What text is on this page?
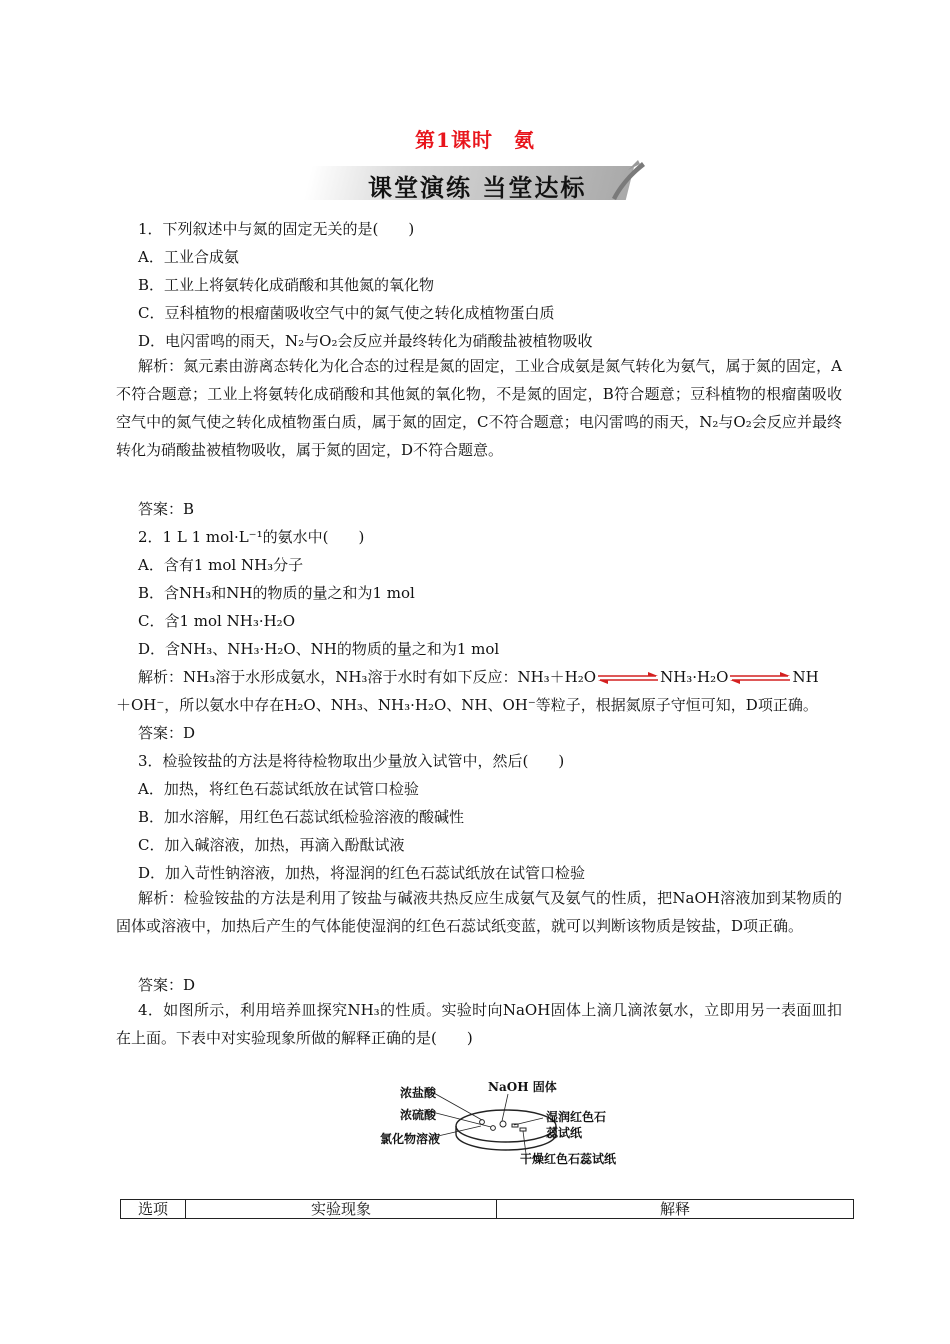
第1课时　氨
课堂演练 当堂达标
1．下列叙述中与氮的固定无关的是(　　)
A．工业合成氨
B．工业上将氨转化成硝酸和其他氮的氧化物
C．豆科植物的根瘤菌吸收空气中的氮气使之转化成植物蛋白质
D．电闪雷鸣的雨天，N₂与O₂会反应并最终转化为硝酸盐被植物吸收
解析：氮元素由游离态转化为化合态的过程是氮的固定，工业合成氨是氮气转化为氨气，属于氮的固定，A不符合题意；工业上将氨转化成硝酸和其他氮的氧化物，不是氮的固定，B符合题意；豆科植物的根瘤菌吸收空气中的氮气使之转化成植物蛋白质，属于氮的固定，C不符合题意；电闪雷鸣的雨天，N₂与O₂会反应并最终转化为硝酸盐被植物吸收，属于氮的固定，D不符合题意。
答案：B
2．1 L 1 mol·L⁻¹的氨水中(　　)
A．含有1 mol NH₃分子
B．含NH₃和NH的物质的量之和为1 mol
C．含1 mol NH₃·H₂O
D．含NH₃、NH₃·H₂O、NH的物质的量之和为1 mol
解析：NH₃溶于水形成氨水，NH₃溶于水时有如下反应：NH₃＋H₂O	NH₃·H₂O	NH
＋OH⁻，所以氨水中存在H₂O、NH₃、NH₃·H₂O、NH、OH⁻等粒子，根据氮原子守恒可知，D项正确。
答案：D
3．检验铵盐的方法是将待检物取出少量放入试管中，然后(　　)
A．加热，将红色石蕊试纸放在试管口检验
B．加水溶解，用红色石蕊试纸检验溶液的酸碱性
C．加入碱溶液，加热，再滴入酚酞试液
D．加入苛性钠溶液，加热，将湿润的红色石蕊试纸放在试管口检验
解析：检验铵盐的方法是利用了铵盐与碱液共热反应生成氨气及氨气的性质，把NaOH溶液加到某物质的固体或溶液中，加热后产生的气体能使湿润的红色石蕊试纸变蓝，就可以判断该物质是铵盐，D项正确。
答案：D
4．如图所示，利用培养皿探究NH₃的性质。实验时向NaOH固体上滴几滴浓氨水，立即用另一表面皿扣在上面。下表中对实验现象所做的解释正确的是(　　)
浓盐酸	NaOH 固体
浓硫酸	湿润红色石
蕊试纸
氯化物溶液
干燥红色石蕊试纸
选项	实验现象	解释
